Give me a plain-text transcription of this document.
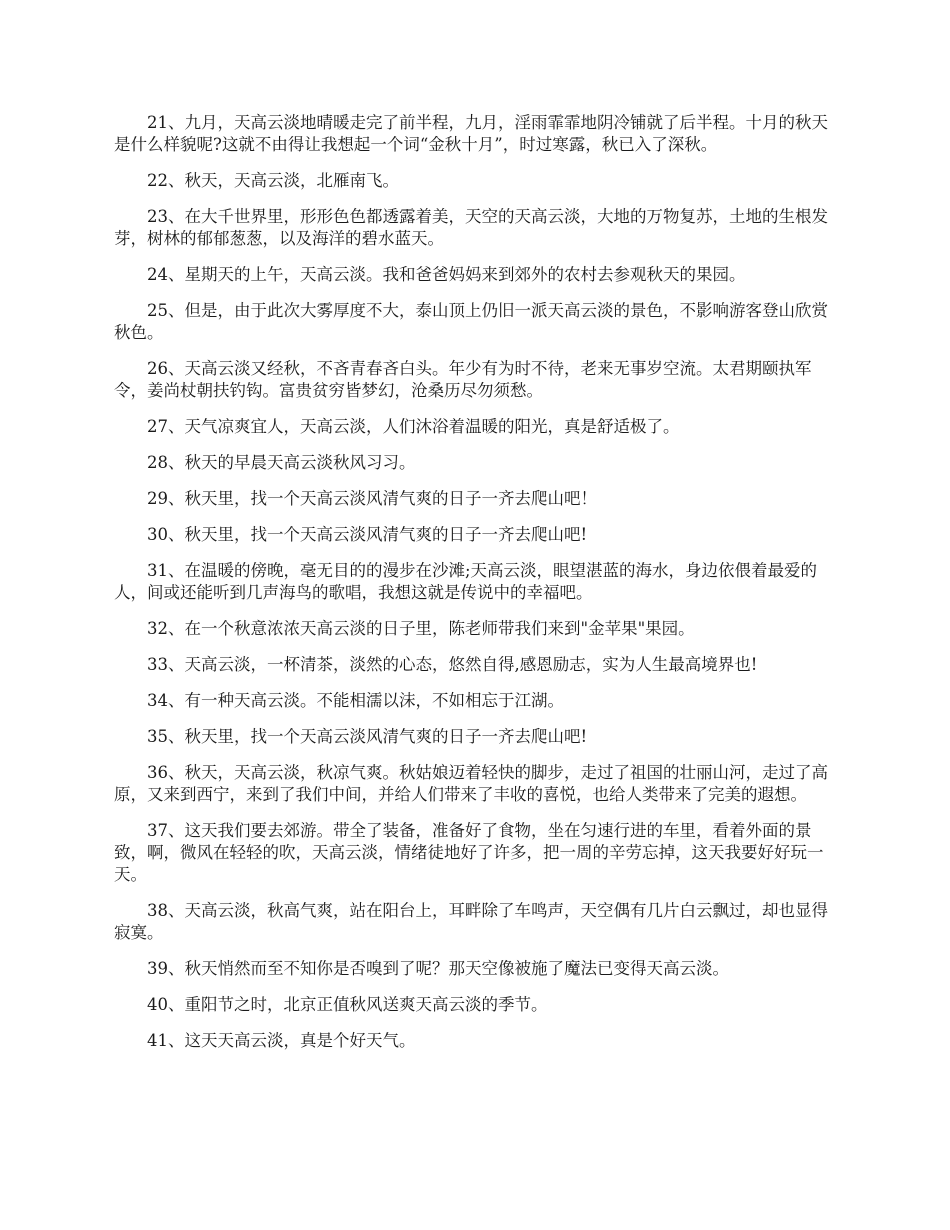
21、九月，天高云淡地晴暖走完了前半程，九月，淫雨霏霏地阴冷铺就了后半程。十月的秋天是什么样貌呢?这就不由得让我想起一个词“金秋十月”，时过寒露，秋已入了深秋。

22、秋天，天高云淡，北雁南飞。

23、在大千世界里，形形色色都透露着美，天空的天高云淡，大地的万物复苏，土地的生根发芽，树林的郁郁葱葱，以及海洋的碧水蓝天。

24、星期天的上午，天高云淡。我和爸爸妈妈来到郊外的农村去参观秋天的果园。

25、但是，由于此次大雾厚度不大，泰山顶上仍旧一派天高云淡的景色，不影响游客登山欣赏秋色。

26、天高云淡又经秋，不吝青春吝白头。年少有为时不待，老来无事岁空流。太君期颐执军令，姜尚杖朝扶钓钩。富贵贫穷皆梦幻，沧桑历尽勿须愁。

27、天气凉爽宜人，天高云淡，人们沐浴着温暖的阳光，真是舒适极了。

28、秋天的早晨天高云淡秋风习习。

29、秋天里，找一个天高云淡风清气爽的日子一齐去爬山吧！

30、秋天里，找一个天高云淡风清气爽的日子一齐去爬山吧!

31、在温暖的傍晚，毫无目的的漫步在沙滩;天高云淡，眼望湛蓝的海水，身边依偎着最爱的人，间或还能听到几声海鸟的歌唱，我想这就是传说中的幸福吧。

32、在一个秋意浓浓天高云淡的日子里，陈老师带我们来到"金苹果"果园。

33、天高云淡，一杯清茶，淡然的心态，悠然自得,感恩励志，实为人生最高境界也!

34、有一种天高云淡。不能相濡以沫，不如相忘于江湖。

35、秋天里，找一个天高云淡风清气爽的日子一齐去爬山吧!

36、秋天，天高云淡，秋凉气爽。秋姑娘迈着轻快的脚步，走过了祖国的壮丽山河，走过了高原，又来到西宁，来到了我们中间，并给人们带来了丰收的喜悦，也给人类带来了完美的遐想。

37、这天我们要去郊游。带全了装备，准备好了食物，坐在匀速行进的车里，看着外面的景致，啊，微风在轻轻的吹，天高云淡，情绪徒地好了许多，把一周的辛劳忘掉，这天我要好好玩一天。

38、天高云淡，秋高气爽，站在阳台上，耳畔除了车鸣声，天空偶有几片白云飘过，却也显得寂寞。

39、秋天悄然而至不知你是否嗅到了呢？那天空像被施了魔法已变得天高云淡。

40、重阳节之时，北京正值秋风送爽天高云淡的季节。

41、这天天高云淡，真是个好天气。
